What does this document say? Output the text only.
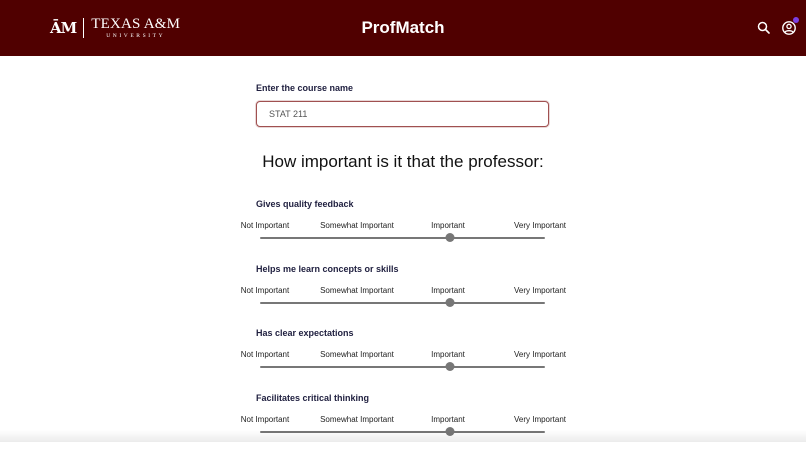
ĀM TEXAS A&M
UNIVERSITY	ProfMatch
Enter the course name
STAT 211
How important is it that the professor:
Gives quality feedback
Not Important	Somewhat Important	Important	Very Important
Helps me learn concepts or skills
Not Important	Somewhat Important	Important	Very Important
Has clear expectations
Not Important	Somewhat Important	Important	Very Important
Facilitates critical thinking
Not Important	Somewhat Important	Important	Very Important
